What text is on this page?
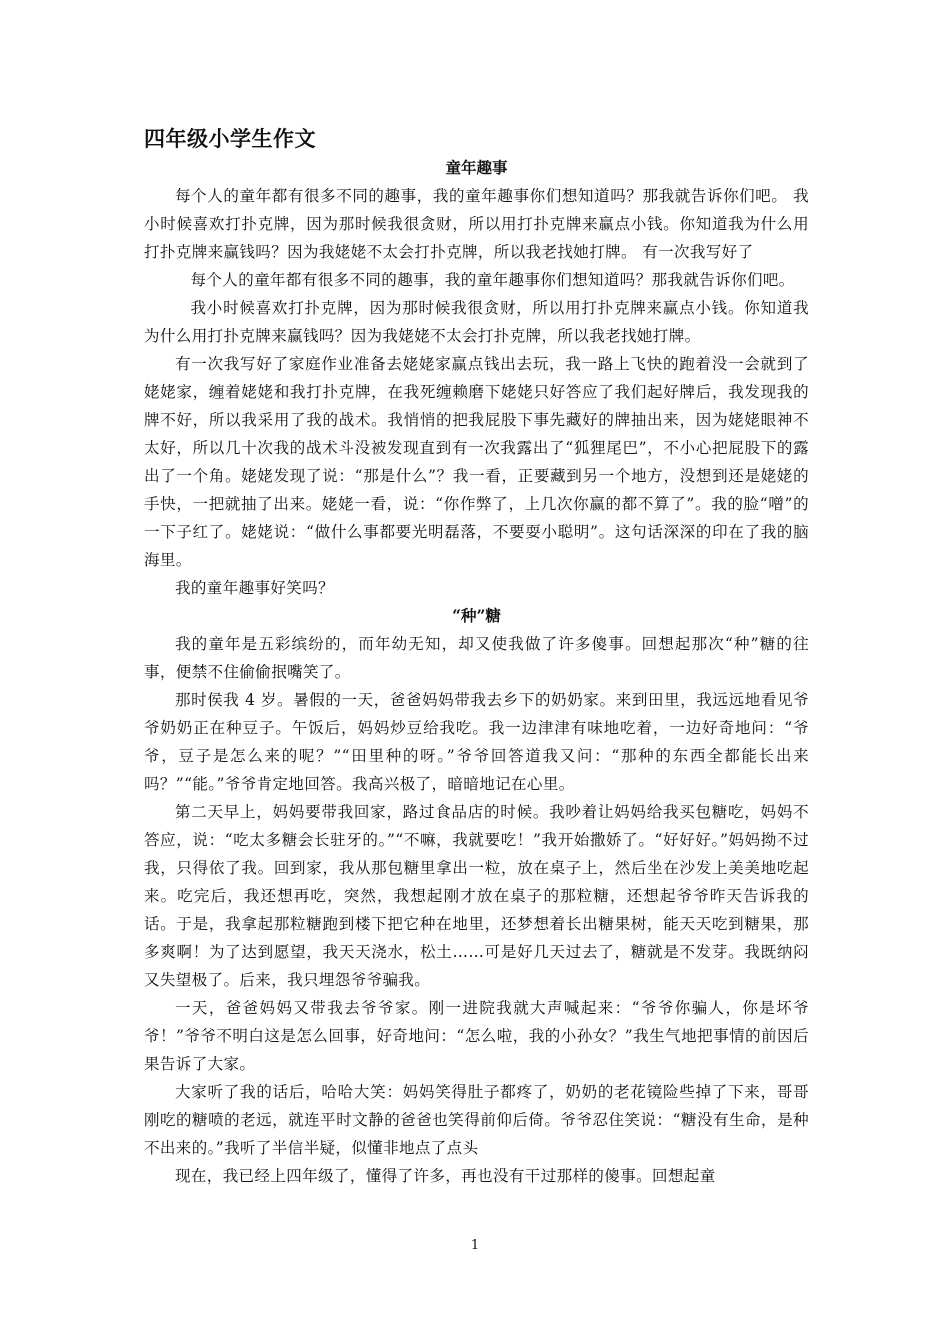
四年级小学生作文
童年趣事

每个人的童年都有很多不同的趣事，我的童年趣事你们想知道吗？那我就告诉你们吧。 我小时候喜欢打扑克牌，因为那时候我很贪财，所以用打扑克牌来赢点小钱。你知道我为什么用打扑克牌来赢钱吗？因为我姥姥不太会打扑克牌，所以我老找她打牌。 有一次我写好了

每个人的童年都有很多不同的趣事，我的童年趣事你们想知道吗？那我就告诉你们吧。

我小时候喜欢打扑克牌，因为那时候我很贪财，所以用打扑克牌来赢点小钱。你知道我为什么用打扑克牌来赢钱吗？因为我姥姥不太会打扑克牌，所以我老找她打牌。

有一次我写好了家庭作业准备去姥姥家赢点钱出去玩，我一路上飞快的跑着没一会就到了姥姥家，缠着姥姥和我打扑克牌，在我死缠赖磨下姥姥只好答应了我们起好牌后，我发现我的牌不好，所以我采用了我的战术。我悄悄的把我屁股下事先藏好的牌抽出来，因为姥姥眼神不太好，所以几十次我的战术斗没被发现直到有一次我露出了“狐狸尾巴”，不小心把屁股下的露出了一个角。姥姥发现了说：“那是什么”？我一看，正要藏到另一个地方，没想到还是姥姥的手快，一把就抽了出来。姥姥一看，说：“你作弊了，上几次你赢的都不算了”。我的脸“噌”的一下子红了。姥姥说：“做什么事都要光明磊落，不要耍小聪明”。这句话深深的印在了我的脑海里。

我的童年趣事好笑吗？

“种”糖

我的童年是五彩缤纷的，而年幼无知，却又使我做了许多傻事。回想起那次“种”糖的往事，便禁不住偷偷抿嘴笑了。

那时侯我 4 岁。暑假的一天，爸爸妈妈带我去乡下的奶奶家。来到田里，我远远地看见爷爷奶奶正在种豆子。午饭后，妈妈炒豆给我吃。我一边津津有味地吃着，一边好奇地问：“爷爷，豆子是怎么来的呢？”“田里种的呀。”爷爷回答道我又问：“那种的东西全都能长出来吗？”“能。”爷爷肯定地回答。我高兴极了，暗暗地记在心里。

第二天早上，妈妈要带我回家，路过食品店的时候。我吵着让妈妈给我买包糖吃，妈妈不答应，说：“吃太多糖会长驻牙的。”“不嘛，我就要吃！”我开始撒娇了。“好好好。”妈妈拗不过我，只得依了我。回到家，我从那包糖里拿出一粒，放在桌子上，然后坐在沙发上美美地吃起来。吃完后，我还想再吃，突然，我想起刚才放在桌子的那粒糖，还想起爷爷昨天告诉我的话。于是，我拿起那粒糖跑到楼下把它种在地里，还梦想着长出糖果树，能天天吃到糖果，那多爽啊！为了达到愿望，我天天浇水，松土……可是好几天过去了，糖就是不发芽。我既纳闷又失望极了。后来，我只埋怨爷爷骗我。

一天，爸爸妈妈又带我去爷爷家。刚一进院我就大声喊起来：“爷爷你骗人，你是坏爷爷！”爷爷不明白这是怎么回事，好奇地问：“怎么啦，我的小孙女？”我生气地把事情的前因后果告诉了大家。

大家听了我的话后，哈哈大笑：妈妈笑得肚子都疼了，奶奶的老花镜险些掉了下来，哥哥刚吃的糖喷的老远，就连平时文静的爸爸也笑得前仰后倚。爷爷忍住笑说：“糖没有生命，是种不出来的。”我听了半信半疑，似懂非地点了点头

现在，我已经上四年级了，懂得了许多，再也没有干过那样的傻事。回想起童

1
